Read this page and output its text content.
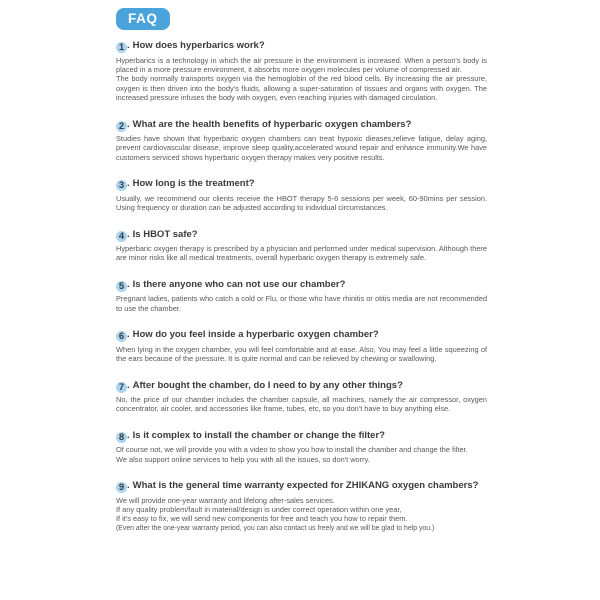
FAQ
1 . How does hyperbarics work?

Hyperbarics is a technology in which the air pressure in the environment is increased. When a person's body is placed in a more pressure environment, it absorbs more oxygen molecules per volume of compressed air.

The body normally transports oxygen via the hemoglobin of the red blood cells. By increasing the air pressure, oxygen is then driven into the body's fluids, allowing a super-saturation of tissues and organs with oxygen. The increased pressure infuses the body with oxygen, even reaching injuries with damaged circulation.

2 . What are the health benefits of hyperbaric oxygen chambers?

Studies have shown that hyperbaric oxygen chambers can treat hypoxic dieases,relieve fatigue, delay aging, prevent cardiovascular disease, improve sleep quality,accelerated wound repair and enhance immunity.We have customers serviced shows hyperbaric oxygen therapy makes very positive results.

3 . How long is the treatment?

Usually, we recommend our clients receive the HBOT therapy 5-6 sessions per week, 60-90mins per session. Using frequency or duration can be adjusted according to individual circumstances.

4 . Is HBOT safe?

Hyperbaric oxygen therapy is prescribed by a physician and performed under medical supervision. Although there are minor risks like all medical treatments, overall hyperbaric oxygen therapy is extremely safe.

5 . Is there anyone who can not use our chamber?

Pregnant ladies, patients who catch a cold or Flu, or those who have rhinitis or otitis media are not recommended to use the chamber.

6 . How do you feel inside a hyperbaric oxygen chamber?

When lying in the oxygen chamber, you will feel comfortable and at ease. Also, You may feel a little squeezing of the ears because of the pressure. It is quite normal and can be relieved by chewing or swallowing.

7 . After bought the chamber, do I need to by any other things?

No, the price of our chamber includes the chamber capsule, all machines, namely the air compressor, oxygen concentrator, air cooler, and accessories like frame, tubes, etc, so you don't have to buy anything else.

8 . Is it complex to install the chamber or change the filter?

Of course not, we will provide you with a video to show you how to install the chamber and change the filter.

We also support online services to help you with all the issues, so don't worry.

9 . What is the general time warranty expected for ZHIKANG oxygen chambers?

We will provide one-year warranty and lifelong after-sales services.

If any quality problem/fault in material/design is under correct operation within one year,

If it's easy to fix, we will send new components for free and teach you how to repair them.

(Even after the one-year warranty period, you can also contact us freely and we will be glad to help you.)
